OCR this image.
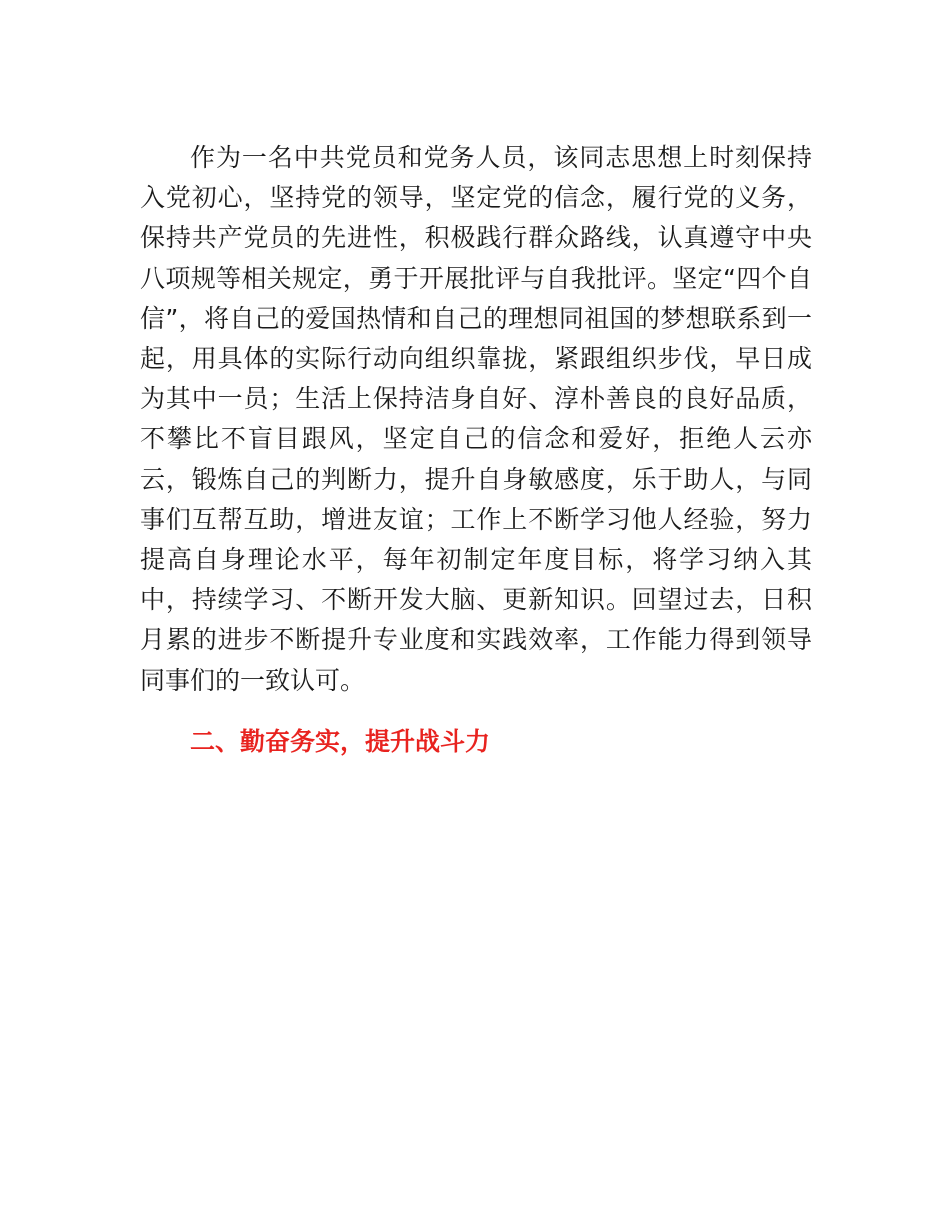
作为一名中共党员和党务人员，该同志思想上时刻保持入党初心，坚持党的领导，坚定党的信念，履行党的义务，保持共产党员的先进性，积极践行群众路线，认真遵守中央八项规等相关规定，勇于开展批评与自我批评。坚定“四个自信”，将自己的爱国热情和自己的理想同祖国的梦想联系到一起，用具体的实际行动向组织靠拢，紧跟组织步伐，早日成为其中一员；生活上保持洁身自好、淳朴善良的良好品质，不攀比不盲目跟风，坚定自己的信念和爱好，拒绝人云亦云，锻炼自己的判断力，提升自身敏感度，乐于助人，与同事们互帮互助，增进友谊；工作上不断学习他人经验，努力提高自身理论水平，每年初制定年度目标，将学习纳入其中，持续学习、不断开发大脑、更新知识。回望过去，日积月累的进步不断提升专业度和实践效率，工作能力得到领导同事们的一致认可。

二、勤奋务实，提升战斗力
